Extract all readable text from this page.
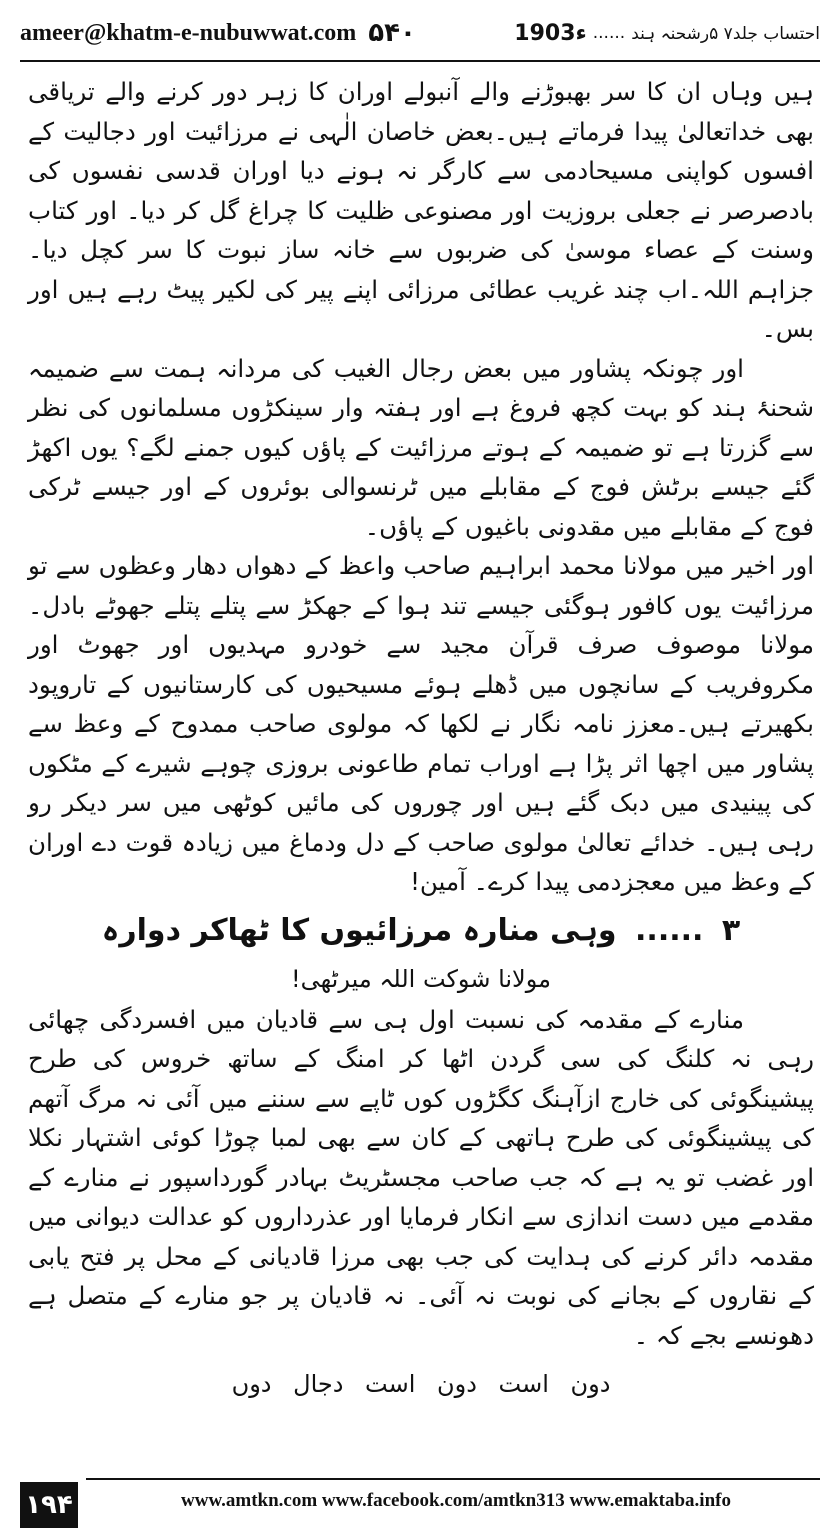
ameer@khatm-e-nubuwwat.com ۵۴۰	احتساب جلد۷ ۵رشحنہ ہند
......
1903ء

ہیں وہاں ان کا سر بھبوڑنے والے آنبولے اوران کا زہر دور کرنے والے تریاقی بھی خداتعالیٰ پیدا فرماتے ہیں۔بعض خاصان الٰہی نے مرزائیت اور دجالیت کے افسوں کواپنی مسیحادمی سے کارگر نہ ہونے دیا اوران قدسی نفسوں کی بادصرصر نے جعلی بروزیت اور مصنوعی ظلیت کا چراغ گل کر دیا۔ اور کتاب وسنت کے عصاء موسیٰ کی ضربوں سے خانہ ساز نبوت کا سر کچل دیا۔ جزاہم اللہ۔اب چند غریب عطائی مرزائی اپنے پیر کی لکیر پیٹ رہے ہیں اور بس۔

اور چونکہ پشاور میں بعض رجال الغیب کی مردانہ ہمت سے ضمیمہ شحنۂ ہند کو بہت کچھ فروغ ہے اور ہفتہ وار سینکڑوں مسلمانوں کی نظر سے گزرتا ہے تو ضمیمہ کے ہوتے مرزائیت کے پاؤں کیوں جمنے لگے؟ یوں اکھڑ گئے جیسے برٹش فوج کے مقابلے میں ٹرنسوالی بوئروں کے اور جیسے ٹرکی فوج کے مقابلے میں مقدونی باغیوں کے پاؤں۔

اور اخیر میں مولانا محمد ابراہیم صاحب واعظ کے دھواں دھار وعظوں سے تو مرزائیت یوں کافور ہوگئی جیسے تند ہوا کے جھکڑ سے پتلے پتلے جھوٹے بادل۔ مولانا موصوف صرف قرآن مجید سے خودرو مہدیوں اور جھوٹ اور مکروفریب کے سانچوں میں ڈھلے ہوئے مسیحیوں کی کارستانیوں کے تاروپود بکھیرتے ہیں۔معزز نامہ نگار نے لکھا کہ مولوی صاحب ممدوح کے وعظ سے پشاور میں اچھا اثر پڑا ہے اوراب تمام طاعونی بروزی چوہے شیرے کے مٹکوں کی پینیدی میں دبک گئے ہیں اور چوروں کی مائیں کوٹھی میں سر دیکر رو رہی ہیں۔ خدائے تعالیٰ مولوی صاحب کے دل ودماغ میں زیادہ قوت دے اوران کے وعظ میں معجزدمی پیدا کرے۔ آمین!

۳ ...... وہی منارہ مرزائیوں کا ٹھاکر دوارہ
مولانا شوکت اللہ میرٹھی!

منارے کے مقدمہ کی نسبت اول ہی سے قادیان میں افسردگی چھائی رہی نہ کلنگ کی سی گردن اٹھا کر امنگ کے ساتھ خروس کی طرح پیشینگوئی کی خارج ازآہنگ کگڑوں کوں ٹاپے سے سننے میں آئی نہ مرگ آتھم کی پیشینگوئی کی طرح ہاتھی کے کان سے بھی لمبا چوڑا کوئی اشتہار نکلا اور غضب تو یہ ہے کہ جب صاحب مجسٹریٹ بہادر گورداسپور نے منارے کے مقدمے میں دست اندازی سے انکار فرمایا اور عذرداروں کو عدالت دیوانی میں مقدمہ دائر کرنے کی ہدایت کی جب بھی مرزا قادیانی کے محل پر فتح یابی کے نقاروں کے بجانے کی نوبت نہ آئی۔ نہ قادیان پر جو منارے کے متصل ہے دھونسے بجے کہ ۔

دون است دون است دجال دوں
۱۹۴	www.amtkn.com www.facebook.com/amtkn313 www.emaktaba.info
